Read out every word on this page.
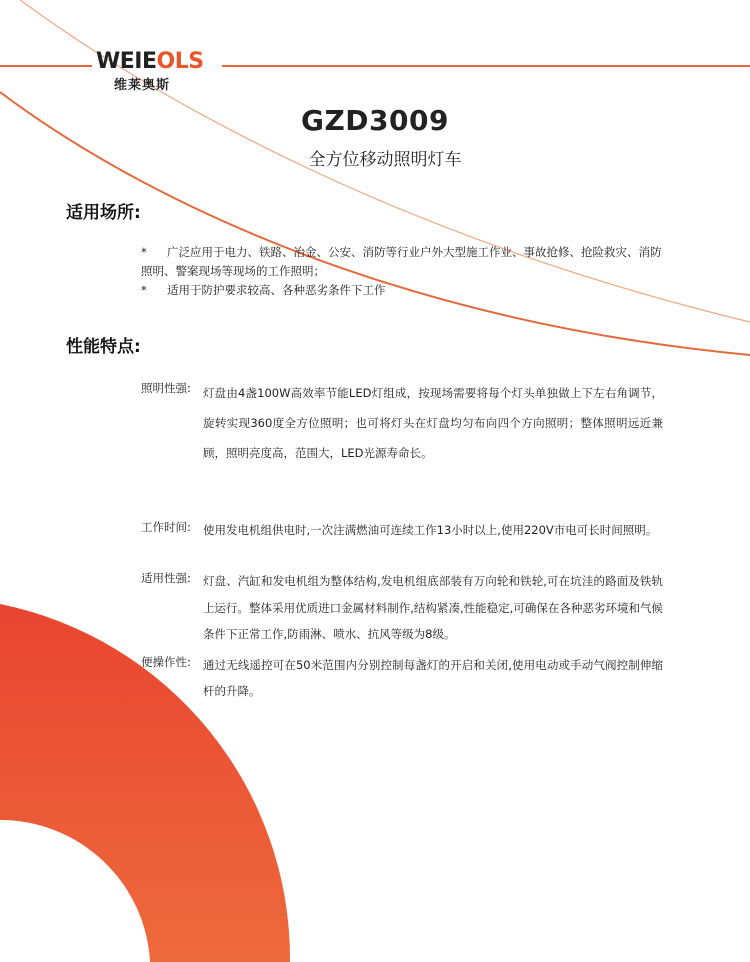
WEIEOLS
维莱奥斯
GZD3009
全方位移动照明灯车
适用场所:
* 广泛应用于电力、铁路、冶金、公安、消防等行业户外大型施工作业、事故抢修、抢险救灾、消防照明、警案现场等现场的工作照明；
* 适用于防护要求较高、各种恶劣条件下工作
性能特点:
照明性强: 灯盘由4盏100W高效率节能LED灯组成，按现场需要将每个灯头单独做上下左右角调节， 旋转实现360度全方位照明；也可将灯头在灯盘均匀布向四个方向照明；整体照明远近兼顾，照明亮度高，范围大，LED光源寿命长。
工作时间: 使用发电机组供电时,一次注满燃油可连续工作13小时以上,使用220V市电可长时间照明。
适用性强: 灯盘、汽缸和发电机组为整体结构,发电机组底部装有万向轮和铁轮,可在坑洼的路面及铁轨上运行。整体采用优质进口金属材料制作,结构紧凑,性能稳定,可确保在各种恶劣环境和气候条件下正常工作,防雨淋、喷水、抗风等级为8级。
便操作性: 通过无线遥控可在50米范围内分别控制每盏灯的开启和关闭,使用电动或手动气阀控制伸缩杆的升降。
